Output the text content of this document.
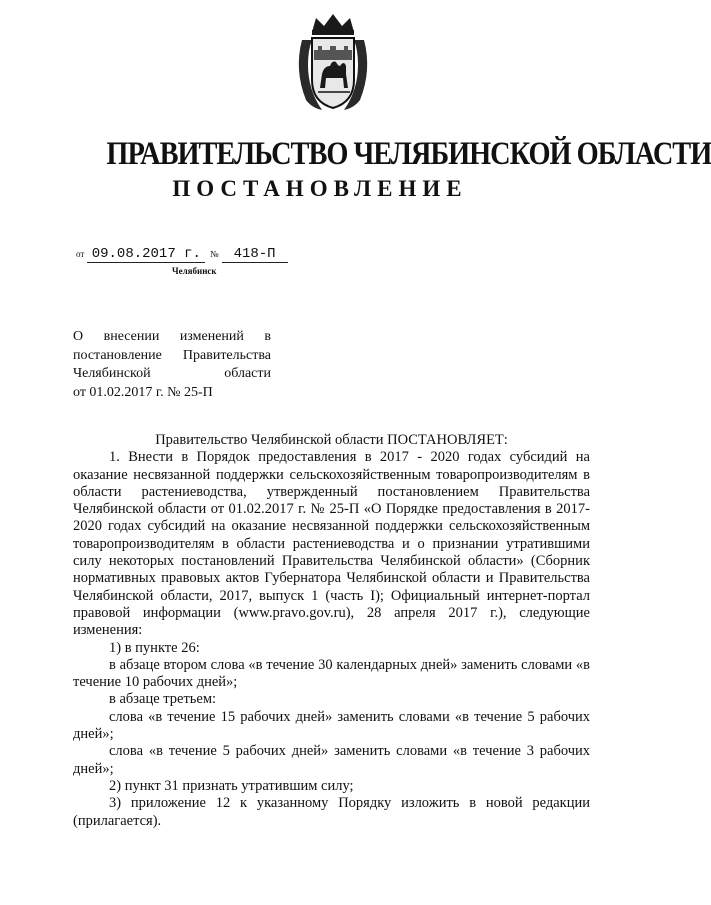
ПРАВИТЕЛЬСТВО ЧЕЛЯБИНСКОЙ ОБЛАСТИ
ПОСТАНОВЛЕНИЕ
от 09.08.2017 г.	№ 418-П
Челябинск
О внесении изменений в
постановление Правительства
Челябинской области
от 01.02.2017 г. № 25-П

Правительство Челябинской области ПОСТАНОВЛЯЕТ:

1. Внести в Порядок предоставления в 2017 - 2020 годах субсидий на оказание несвязанной поддержки сельскохозяйственным товаропроизводителям в области растениеводства, утвержденный постановлением Правительства Челябинской области от 01.02.2017 г. № 25-П «О Порядке предоставления в 2017-2020 годах субсидий на оказание несвязанной поддержки сельскохозяйственным товаропроизводителям в области растениеводства и о признании утратившими силу некоторых постановлений Правительства Челябинской области» (Сборник нормативных правовых актов Губернатора Челябинской области и Правительства Челябинской области, 2017, выпуск 1 (часть I); Официальный интернет-портал правовой информации (www.pravo.gov.ru), 28 апреля 2017 г.), следующие изменения:

1) в пункте 26:

в абзаце втором слова «в течение 30 календарных дней» заменить словами «в течение 10 рабочих дней»;

в абзаце третьем:

слова «в течение 15 рабочих дней» заменить словами «в течение 5 рабочих дней»;

слова «в течение 5 рабочих дней» заменить словами «в течение 3 рабочих дней»;

2) пункт 31 признать утратившим силу;

3) приложение 12 к указанному Порядку изложить в новой редакции (прилагается).
